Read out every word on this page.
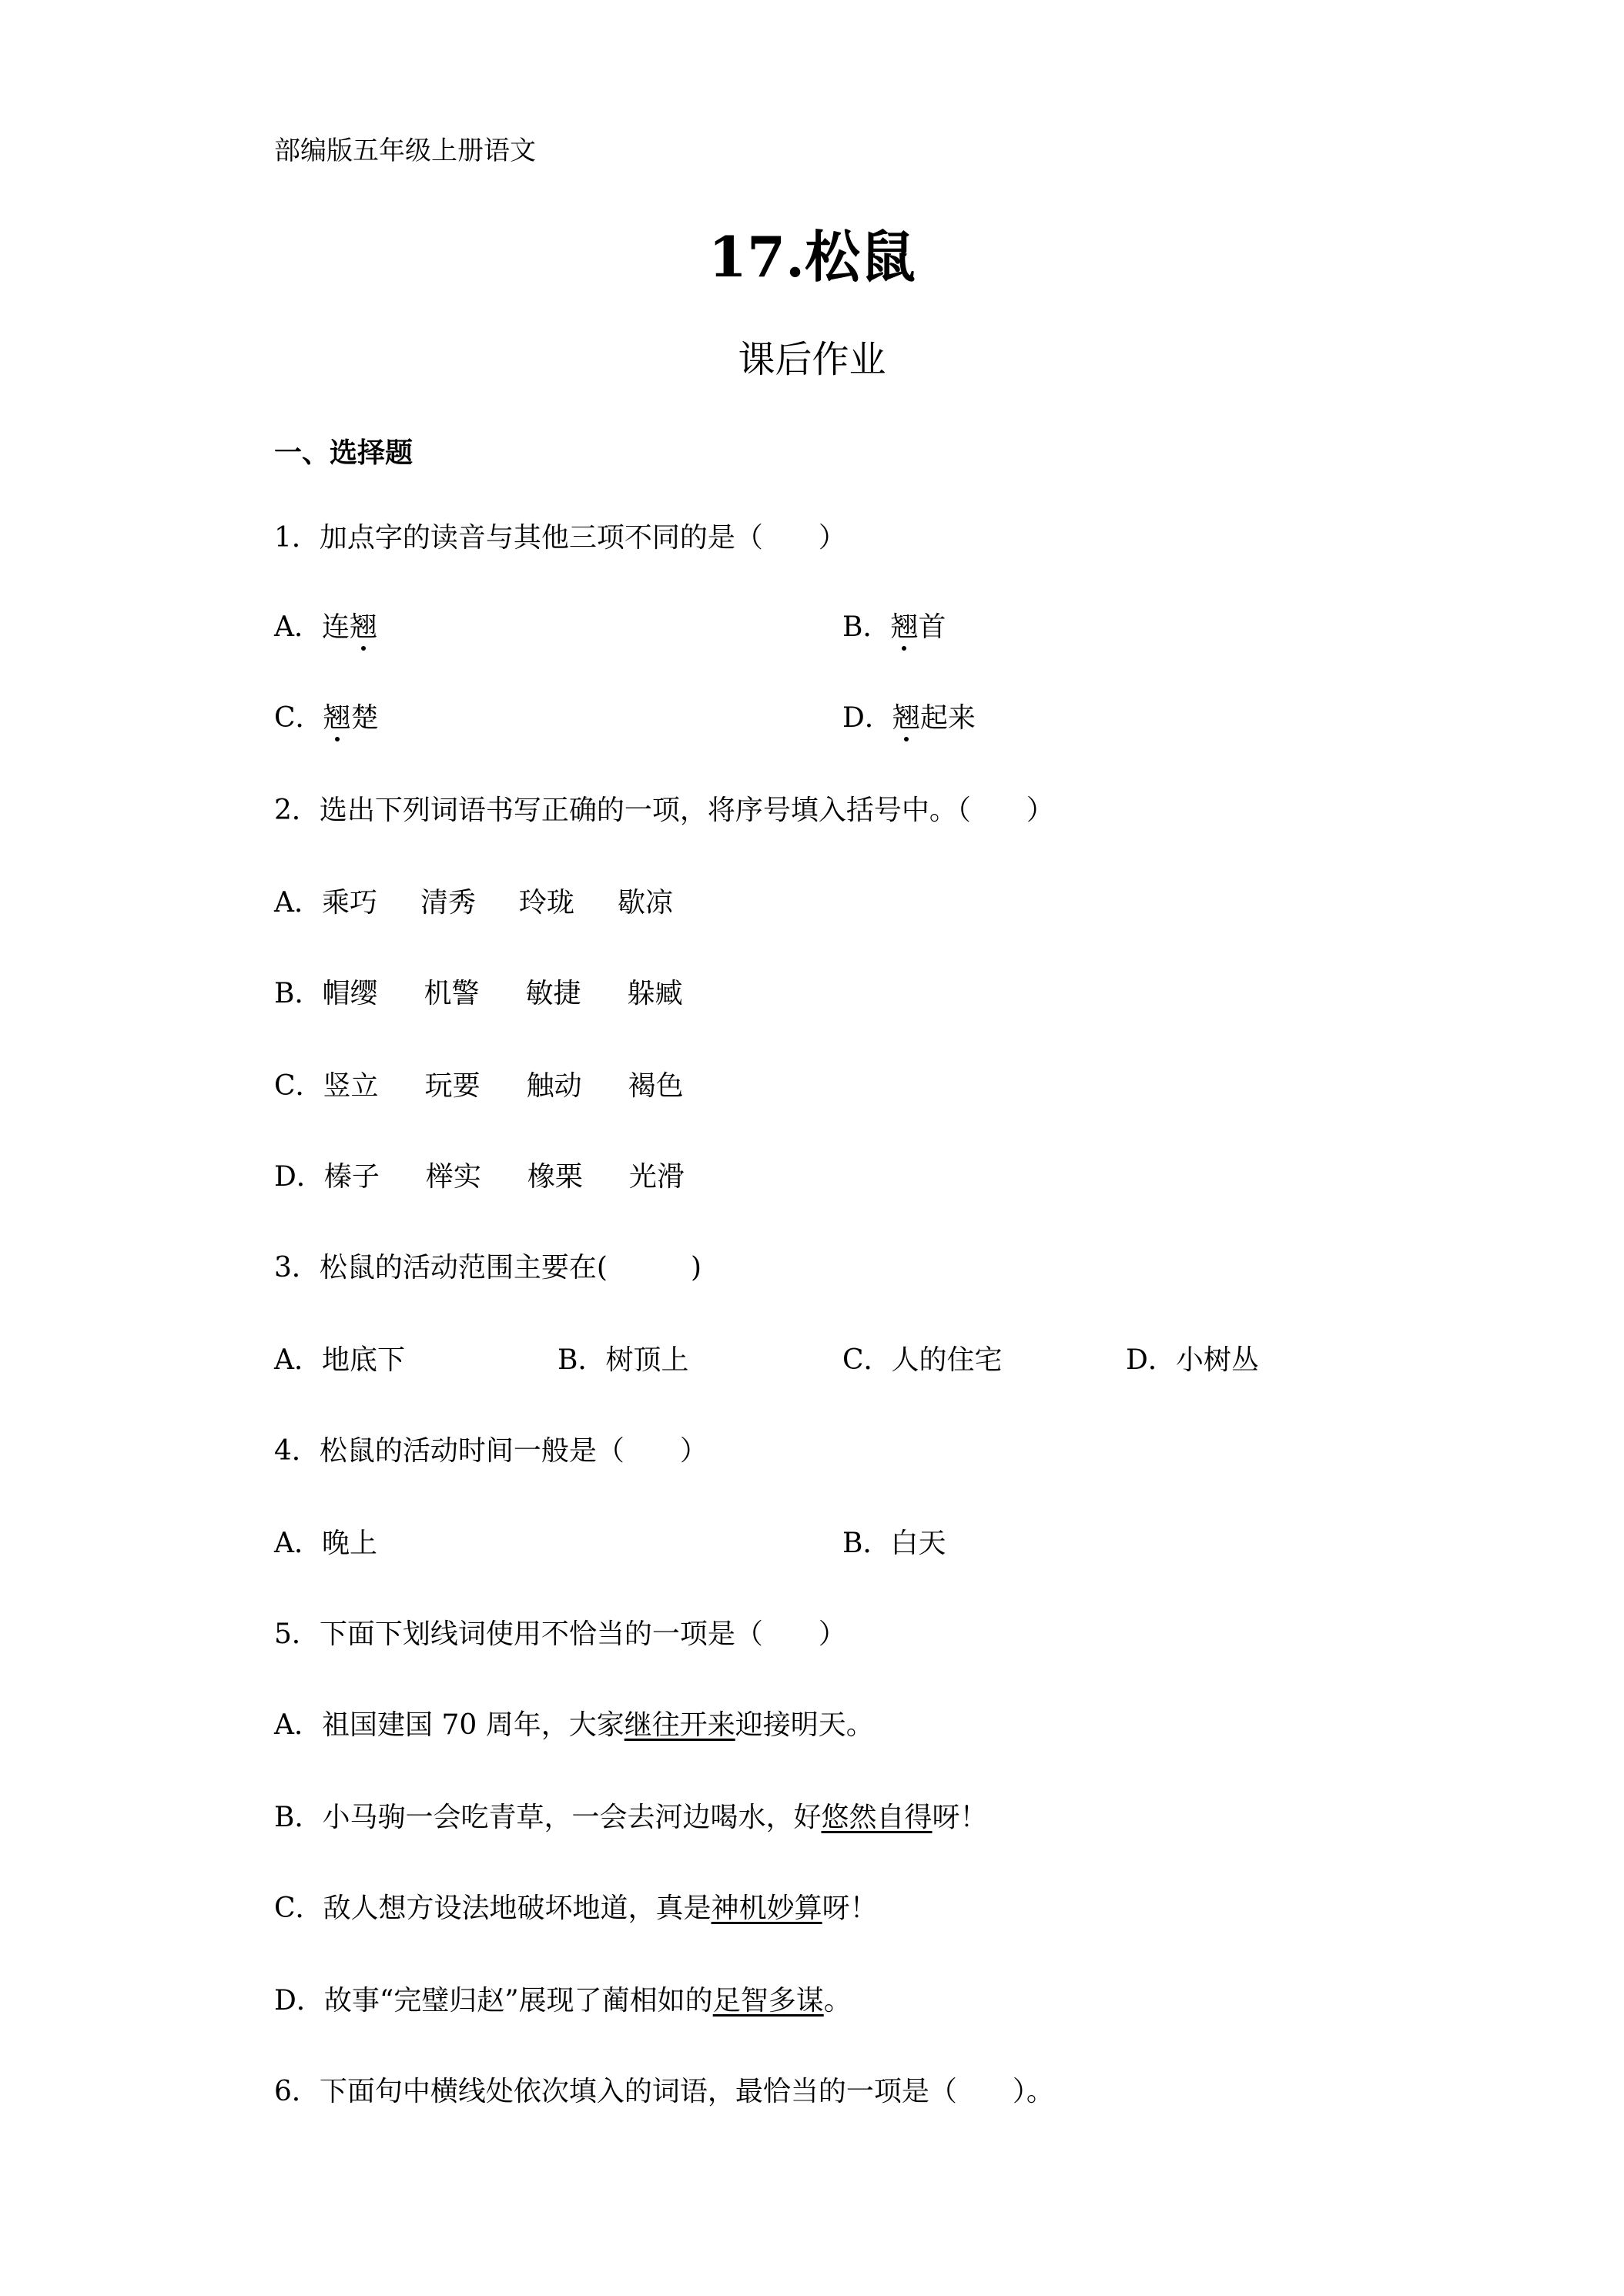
部编版五年级上册语文
17.松鼠
课后作业
一、选择题
1．加点字的读音与其他三项不同的是（　　）
A．连翘	B．翘首
C．翘楚	D．翘起来
2．选出下列词语书写正确的一项，将序号填入括号中。（　　）
A．乘巧 清秀 玲珑 歇凉
B．帽缨 机警 敏捷 躲臧
C．竖立 玩要 触动 褐色
D．榛子 榉实 橡栗 光滑
3．松鼠的活动范围主要在(　　　)
A．地底下	B．树顶上	C．人的住宅	D．小树丛
4．松鼠的活动时间一般是（　　）
A．晚上	B．白天
5．下面下划线词使用不恰当的一项是（　　）
A．祖国建国 70 周年，大家继往开来迎接明天。
B．小马驹一会吃青草，一会去河边喝水，好悠然自得呀！
C．敌人想方设法地破坏地道，真是神机妙算呀！
D．故事“完璧归赵”展现了蔺相如的足智多谋。
6．下面句中横线处依次填入的词语，最恰当的一项是（　　）。
